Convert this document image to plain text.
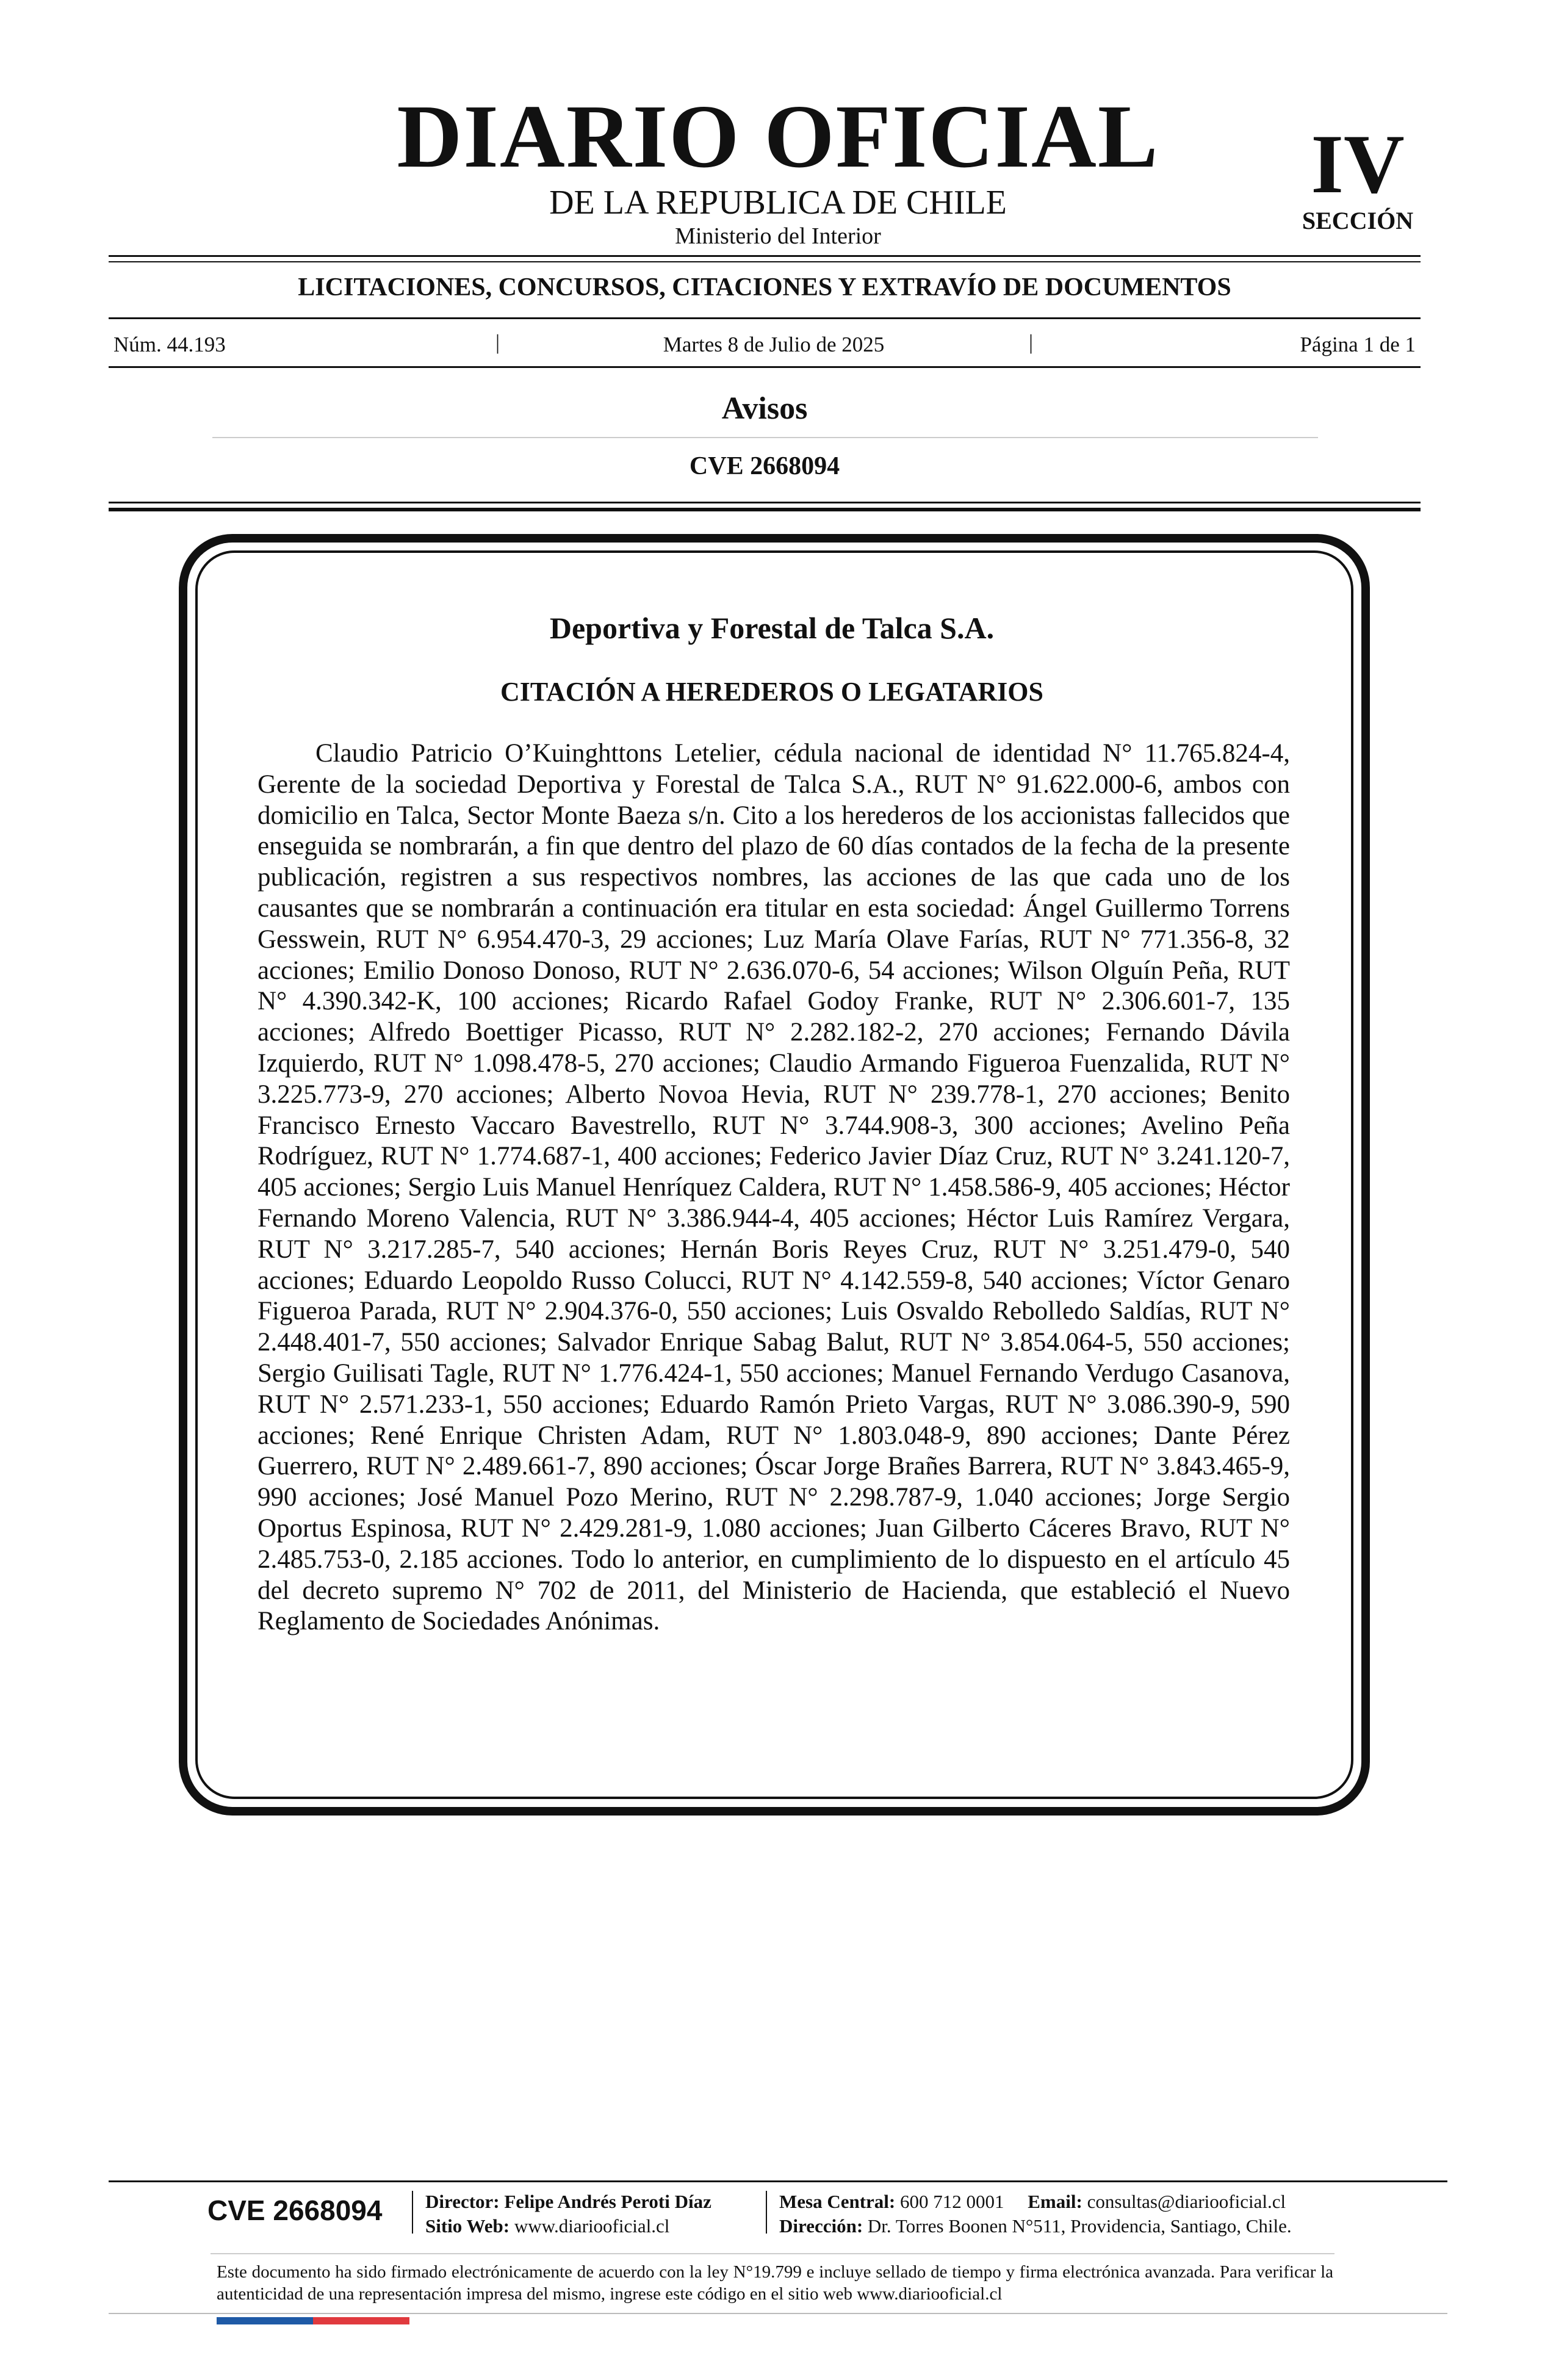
DIARIO OFICIAL
DE LA REPUBLICA DE CHILE
Ministerio del Interior
IV
SECCIÓN
LICITACIONES, CONCURSOS, CITACIONES Y EXTRAVÍO DE DOCUMENTOS
Núm. 44.193	|	Martes 8 de Julio de 2025	|	Página 1 de 1
Avisos
CVE 2668094
Deportiva y Forestal de Talca S.A.
CITACIÓN A HEREDEROS O LEGATARIOS

Claudio Patricio O’Kuinghttons Letelier, cédula nacional de identidad N° 11.765.824-4, Gerente de la sociedad Deportiva y Forestal de Talca S.A., RUT N° 91.622.000-6, ambos con domicilio en Talca, Sector Monte Baeza s/n. Cito a los herederos de los accionistas fallecidos que enseguida se nombrarán, a fin que dentro del plazo de 60 días contados de la fecha de la presente publicación, registren a sus respectivos nombres, las acciones de las que cada uno de los causantes que se nombrarán a continuación era titular en esta sociedad: Ángel Guillermo Torrens Gesswein, RUT N° 6.954.470-3, 29 acciones; Luz María Olave Farías, RUT N° 771.356-8, 32 acciones; Emilio Donoso Donoso, RUT N° 2.636.070-6, 54 acciones; Wilson Olguín Peña, RUT N° 4.390.342-K, 100 acciones; Ricardo Rafael Godoy Franke, RUT N° 2.306.601-7, 135 acciones; Alfredo Boettiger Picasso, RUT N° 2.282.182-2, 270 acciones; Fernando Dávila Izquierdo, RUT N° 1.098.478-5, 270 acciones; Claudio Armando Figueroa Fuenzalida, RUT N° 3.225.773-9, 270 acciones; Alberto Novoa Hevia, RUT N° 239.778-1, 270 acciones; Benito Francisco Ernesto Vaccaro Bavestrello, RUT N° 3.744.908-3, 300 acciones; Avelino Peña Rodríguez, RUT N° 1.774.687-1, 400 acciones; Federico Javier Díaz Cruz, RUT N° 3.241.120-7, 405 acciones; Sergio Luis Manuel Henríquez Caldera, RUT N° 1.458.586-9, 405 acciones; Héctor Fernando Moreno Valencia, RUT N° 3.386.944-4, 405 acciones; Héctor Luis Ramírez Vergara, RUT N° 3.217.285-7, 540 acciones; Hernán Boris Reyes Cruz, RUT N° 3.251.479-0, 540 acciones; Eduardo Leopoldo Russo Colucci, RUT N° 4.142.559-8, 540 acciones; Víctor Genaro Figueroa Parada, RUT N° 2.904.376-0, 550 acciones; Luis Osvaldo Rebolledo Saldías, RUT N° 2.448.401-7, 550 acciones; Salvador Enrique Sabag Balut, RUT N° 3.854.064-5, 550 acciones; Sergio Guilisati Tagle, RUT N° 1.776.424-1, 550 acciones; Manuel Fernando Verdugo Casanova, RUT N° 2.571.233-1, 550 acciones; Eduardo Ramón Prieto Vargas, RUT N° 3.086.390-9, 590 acciones; René Enrique Christen Adam, RUT N° 1.803.048-9, 890 acciones; Dante Pérez Guerrero, RUT N° 2.489.661-7, 890 acciones; Óscar Jorge Brañes Barrera, RUT N° 3.843.465-9, 990 acciones; José Manuel Pozo Merino, RUT N° 2.298.787-9, 1.040 acciones; Jorge Sergio Oportus Espinosa, RUT N° 2.429.281-9, 1.080 acciones; Juan Gilberto Cáceres Bravo, RUT N° 2.485.753-0, 2.185 acciones. Todo lo anterior, en cumplimiento de lo dispuesto en el artículo 45 del decreto supremo N° 702 de 2011, del Ministerio de Hacienda, que estableció el Nuevo Reglamento de Sociedades Anónimas.

CVE 2668094 Director: Felipe Andrés Peroti Díaz
Sitio Web: www.diariooficial.cl
Mesa Central: 600 712 0001 Email: consultas@diariooficial.cl
Dirección: Dr. Torres Boonen N°511, Providencia, Santiago, Chile.
Este documento ha sido firmado electrónicamente de acuerdo con la ley N°19.799 e incluye sellado de tiempo y firma electrónica avanzada. Para verificar la autenticidad de una representación impresa del mismo, ingrese este código en el sitio web www.diariooficial.cl
